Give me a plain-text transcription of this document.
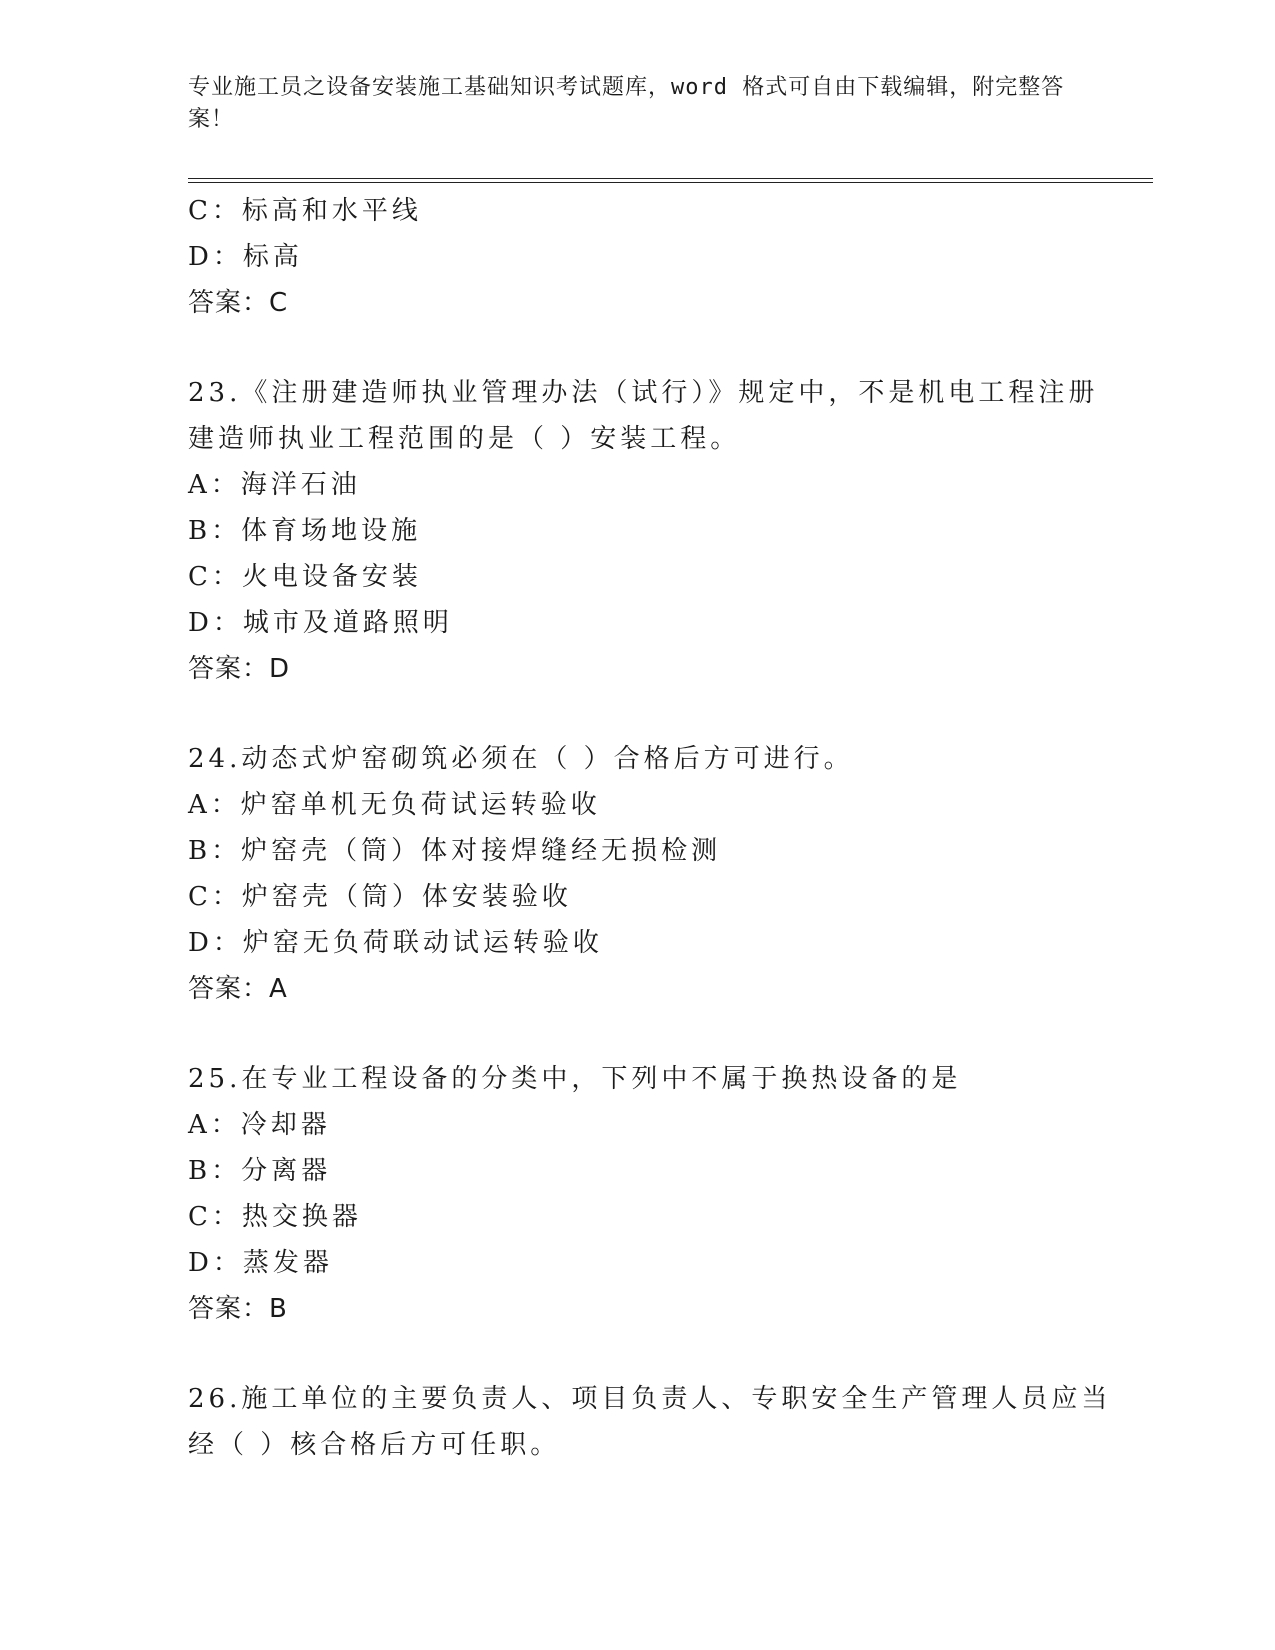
专业施工员之设备安装施工基础知识考试题库，word 格式可自由下载编辑，附完整答案！
C：标高和水平线
D：标高
答案：C
23.《注册建造师执业管理办法（试行）》规定中，不是机电工程注册
建造师执业工程范围的是（ ）安装工程。
A：海洋石油
B：体育场地设施
C：火电设备安装
D：城市及道路照明
答案：D
24.动态式炉窑砌筑必须在（ ）合格后方可进行。
A：炉窑单机无负荷试运转验收
B：炉窑壳（筒）体对接焊缝经无损检测
C：炉窑壳（筒）体安装验收
D：炉窑无负荷联动试运转验收
答案：A
25.在专业工程设备的分类中，下列中不属于换热设备的是
A：冷却器
B：分离器
C：热交换器
D：蒸发器
答案：B
26.施工单位的主要负责人、项目负责人、专职安全生产管理人员应当
经（ ）核合格后方可任职。
